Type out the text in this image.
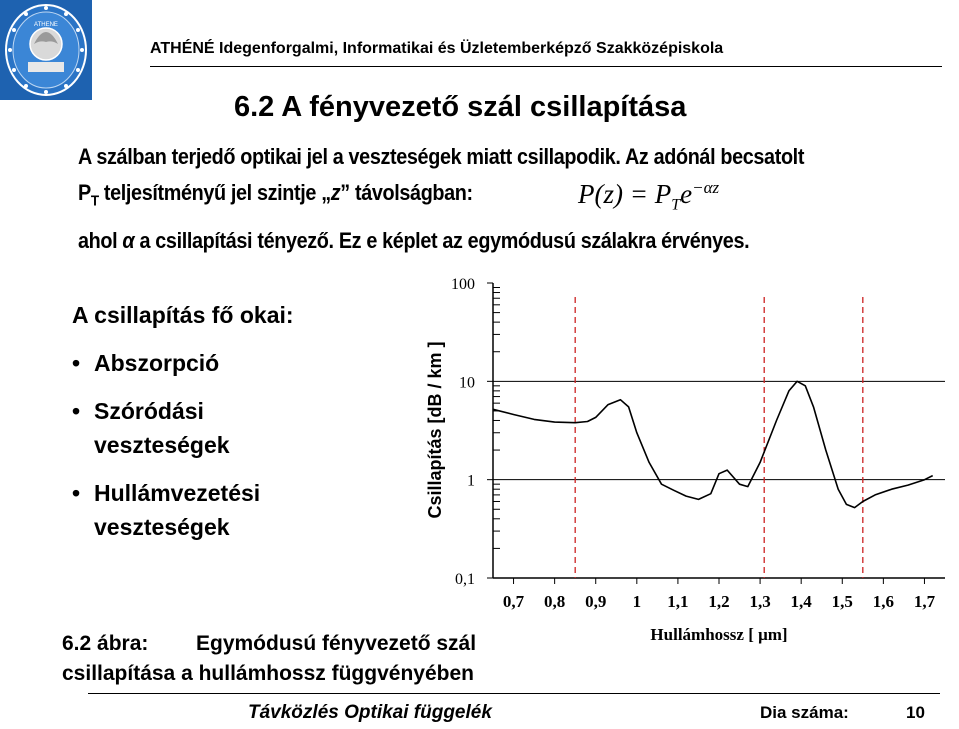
ATHENE
ATHÉNÉ Idegenforgalmi, Informatikai és Üzletemberképző Szakközépiskola
6.2 A fényvezető szál csillapítása
A szálban terjedő optikai jel a veszteségek miatt csillapodik. Az adónál becsatolt
$P_T$ teljesítményű jel szintje „z” távolságban:	$P(z) = P_Te^{-\alpha z}$
ahol α a csillapítási tényező. Ez e képlet az egymódusú szálakra érvényes.
A csillapítás fő okai:
• Abszorpció
• Szóródási
veszteségek
• Hullámvezetési
veszteségek
100
10
1
0,1
0,7 0,8 0,9 1 1,1 1,2 1,3 1,4 1,5 1,6 1,7
Hullámhossz [ μm]
Csillapítás [dB / km ]
6.2 ábra: Egymódusú fényvezető szál
csillapítása a hullámhossz függvényében
Távközlés Optikai függelék	Dia száma:	10
